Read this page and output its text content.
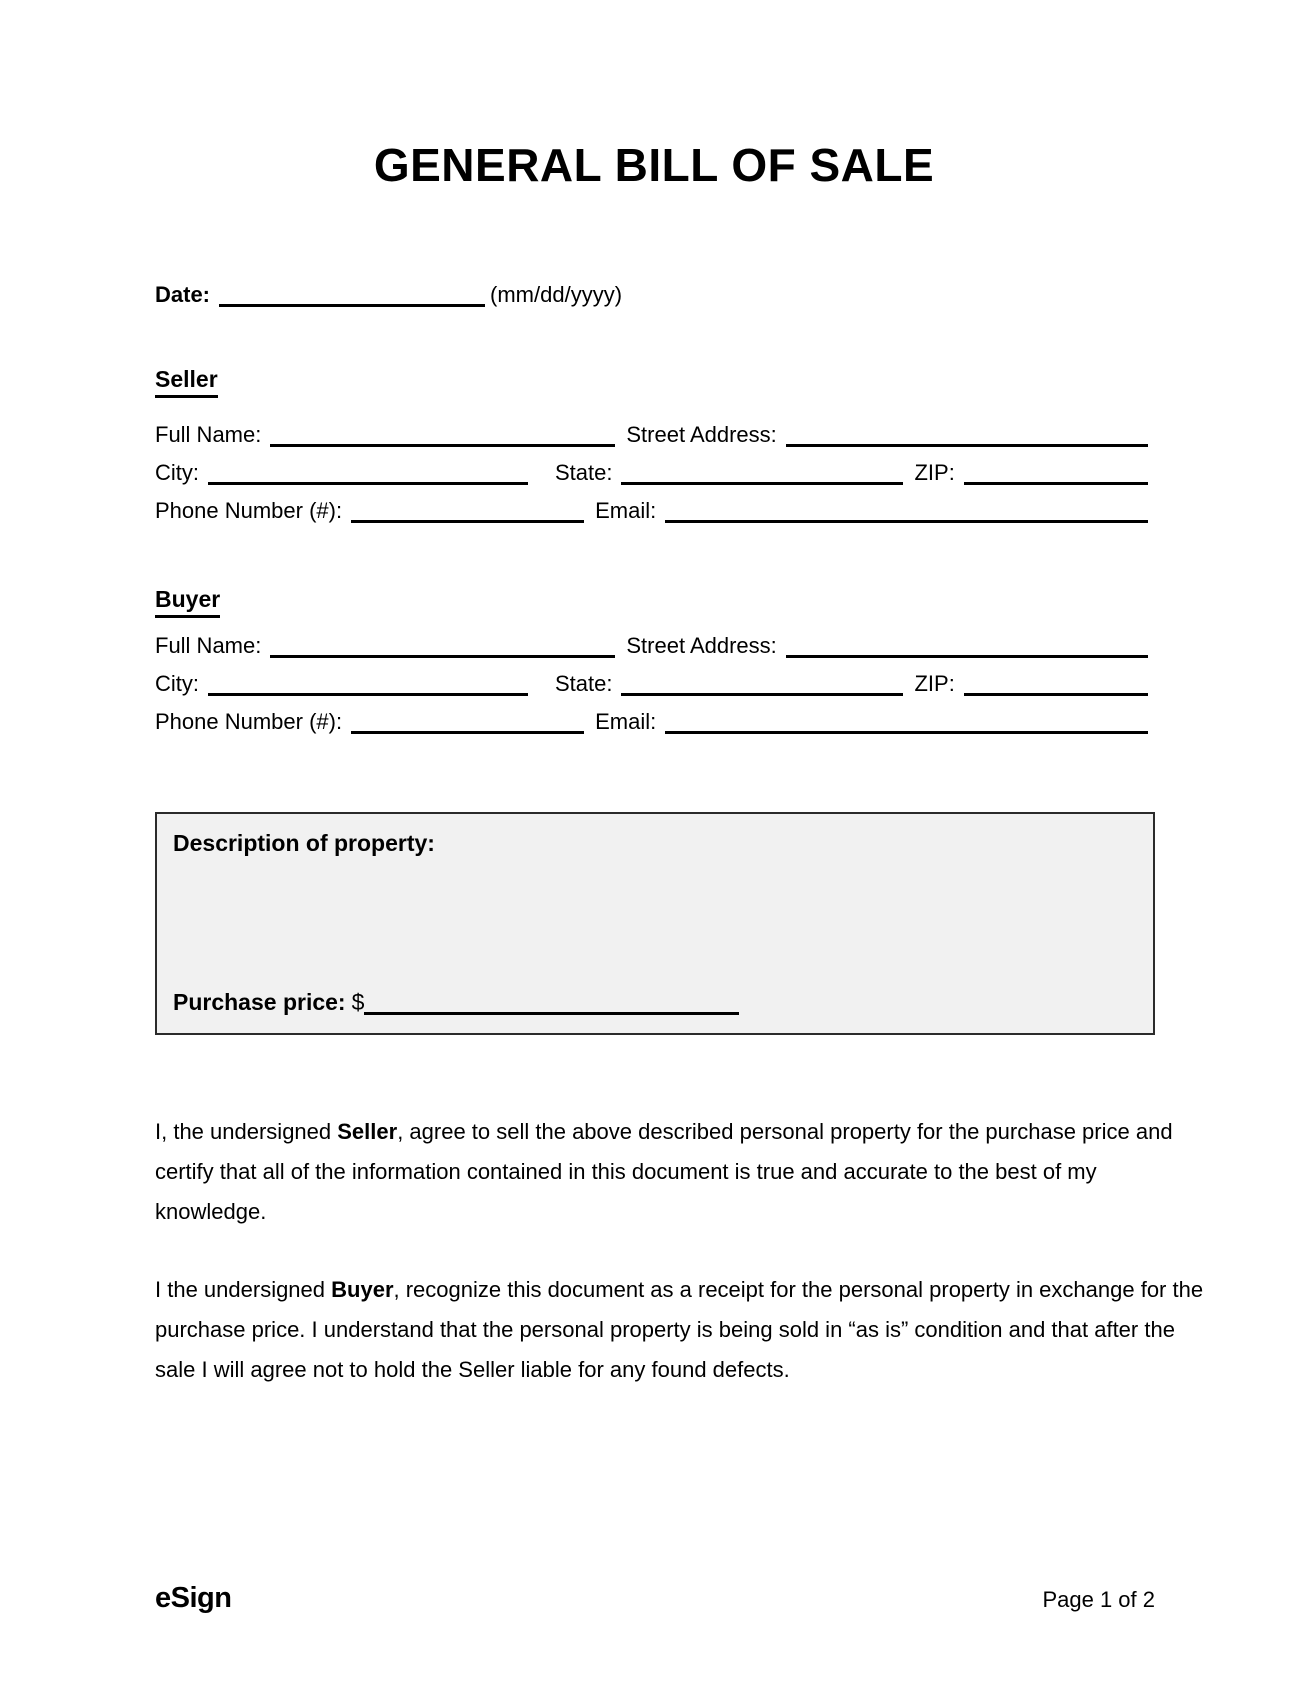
GENERAL BILL OF SALE
Date:	(mm/dd/yyyy)
Seller
Full Name:	Street Address:
City:	State:	ZIP:
Phone Number (#):	Email:
Buyer
Full Name:	Street Address:
City:	State:	ZIP:
Phone Number (#):	Email:
Description of property:
Purchase price: $
I, the undersigned Seller, agree to sell the above described personal property for the purchase price and certify that all of the information contained in this document is true and accurate to the best of my knowledge.
I the undersigned Buyer, recognize this document as a receipt for the personal property in exchange for the purchase price. I understand that the personal property is being sold in “as is” condition and that after the sale I will agree not to hold the Seller liable for any found defects.
eSign	Page 1 of 2
